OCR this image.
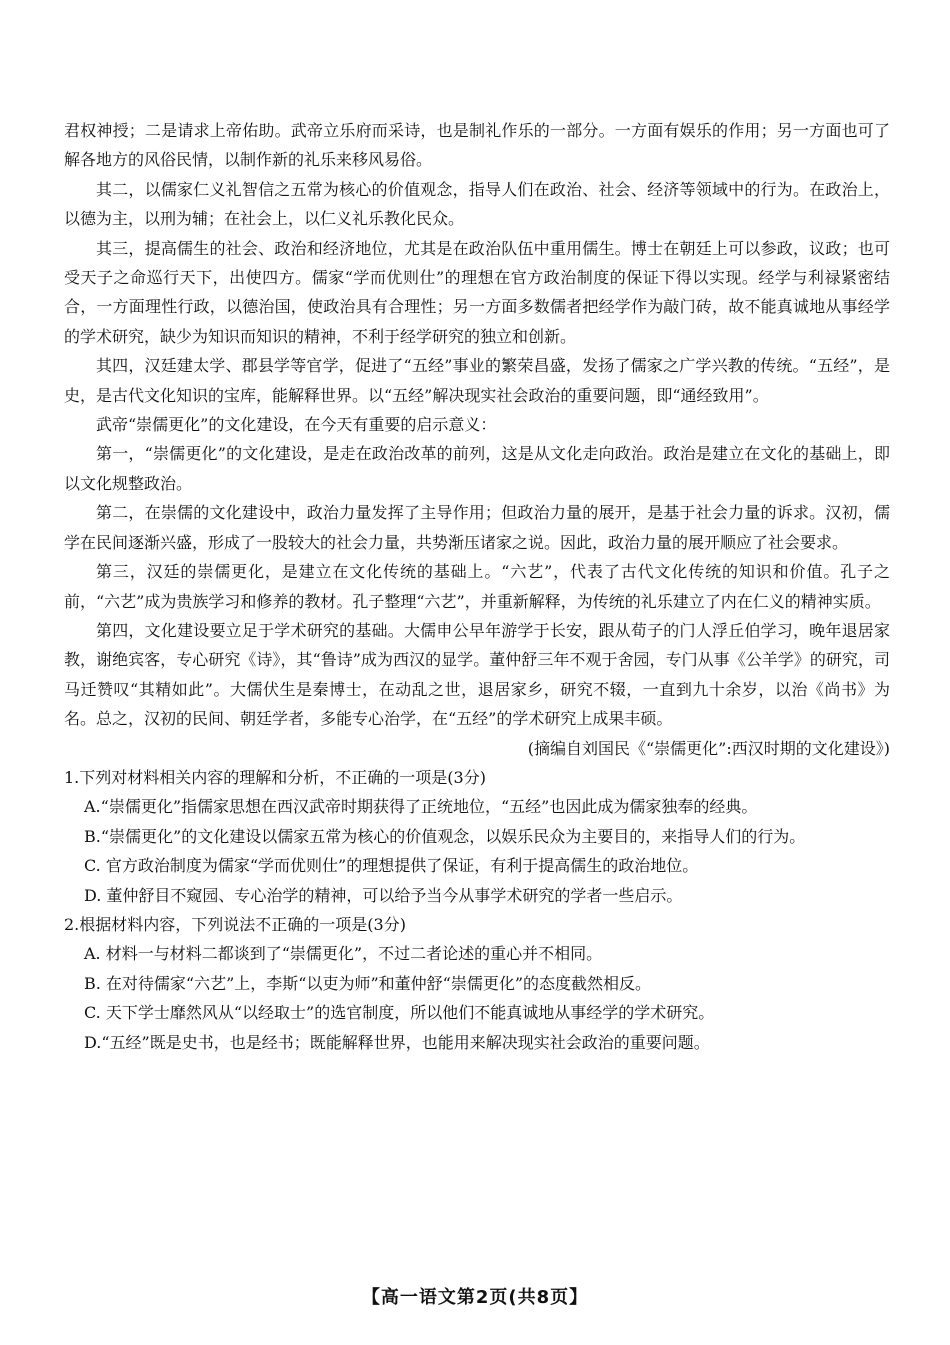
君权神授；二是请求上帝佑助。武帝立乐府而采诗，也是制礼作乐的一部分。一方面有娱乐的作用；另一方面也可了解各地方的风俗民情，以制作新的礼乐来移风易俗。

其二，以儒家仁义礼智信之五常为核心的价值观念，指导人们在政治、社会、经济等领域中的行为。在政治上，以德为主，以刑为辅；在社会上，以仁义礼乐教化民众。

其三，提高儒生的社会、政治和经济地位，尤其是在政治队伍中重用儒生。博士在朝廷上可以参政，议政；也可受天子之命巡行天下，出使四方。儒家“学而优则仕”的理想在官方政治制度的保证下得以实现。经学与利禄紧密结合，一方面理性行政，以德治国，使政治具有合理性；另一方面多数儒者把经学作为敲门砖，故不能真诚地从事经学的学术研究，缺少为知识而知识的精神，不利于经学研究的独立和创新。

其四，汉廷建太学、郡县学等官学，促进了“五经”事业的繁荣昌盛，发扬了儒家之广学兴教的传统。“五经”，是史，是古代文化知识的宝库，能解释世界。以“五经”解决现实社会政治的重要问题，即“通经致用”。

武帝“崇儒更化”的文化建设，在今天有重要的启示意义：

第一，“崇儒更化”的文化建设，是走在政治改革的前列，这是从文化走向政治。政治是建立在文化的基础上，即以文化规整政治。

第二，在崇儒的文化建设中，政治力量发挥了主导作用；但政治力量的展开，是基于社会力量的诉求。汉初，儒学在民间逐渐兴盛，形成了一股较大的社会力量，共势渐压诸家之说。因此，政治力量的展开顺应了社会要求。

第三，汉廷的崇儒更化，是建立在文化传统的基础上。“六艺”，代表了古代文化传统的知识和价值。孔子之前，“六艺”成为贵族学习和修养的教材。孔子整理“六艺”，并重新解释，为传统的礼乐建立了内在仁义的精神实质。

第四，文化建设要立足于学术研究的基础。大儒申公早年游学于长安，跟从荀子的门人浮丘伯学习，晚年退居家教，谢绝宾客，专心研究《诗》，其“鲁诗”成为西汉的显学。董仲舒三年不观于舍园，专门从事《公羊学》的研究，司马迁赞叹“其精如此”。大儒伏生是秦博士，在动乱之世，退居家乡，研究不辍，一直到九十余岁，以治《尚书》为名。总之，汉初的民间、朝廷学者，多能专心治学，在“五经”的学术研究上成果丰硕。

(摘编自刘国民《“崇儒更化”:西汉时期的文化建设》)

1.下列对材料相关内容的理解和分析，不正确的一项是(3分)

A.“崇儒更化”指儒家思想在西汉武帝时期获得了正统地位，“五经”也因此成为儒家独奉的经典。

B.“崇儒更化”的文化建设以儒家五常为核心的价值观念，以娱乐民众为主要目的，来指导人们的行为。

C. 官方政治制度为儒家“学而优则仕”的理想提供了保证，有利于提高儒生的政治地位。

D. 董仲舒目不窥园、专心治学的精神，可以给予当今从事学术研究的学者一些启示。

2.根据材料内容，下列说法不正确的一项是(3分)

A. 材料一与材料二都谈到了“崇儒更化”，不过二者论述的重心并不相同。

B. 在对待儒家“六艺”上，李斯“以吏为师”和董仲舒“崇儒更化”的态度截然相反。

C. 天下学士靡然风从“以经取士”的选官制度，所以他们不能真诚地从事经学的学术研究。

D.“五经”既是史书，也是经书；既能解释世界，也能用来解决现实社会政治的重要问题。

【高一语文第2页(共8页】
